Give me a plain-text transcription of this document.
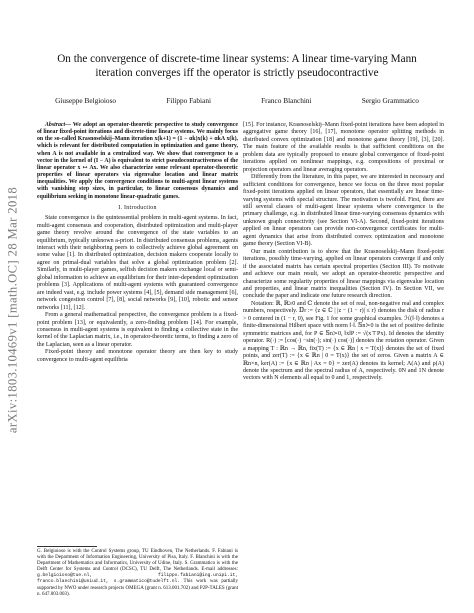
arXiv:1803.10469v1 [math.OC] 28 Mar 2018
On the convergence of discrete-time linear systems: A linear time-varying Mann iteration converges iff the operator is strictly pseudocontractive
Giuseppe Belgioioso	Filippo Fabiani	Franco Blanchini	Sergio Grammatico

Abstract— We adopt an operator-theoretic perspective to study convergence of linear fixed-point iterations and discrete-time linear systems. We mainly focus on the so-called Krasnoselskij–Mann iteration x(k+1) = (1 − αk)x(k) + αkA x(k), which is relevant for distributed computation in optimization and game theory, when A is not available in a centralized way. We show that convergence to a vector in the kernel of (I − A) is equivalent to strict pseudocontractiveness of the linear operator x ↦ Ax. We also characterize some relevant operator-theoretic properties of linear operators via eigenvalue location and linear matrix inequalities. We apply the convergence conditions to multi-agent linear systems with vanishing step sizes, in particular, to linear consensus dynamics and equilibrium seeking in monotone linear-quadratic games.

I. Introduction

State convergence is the quintessential problem in multi-agent systems. In fact, multi-agent consensus and cooperation, distributed optimization and multi-player game theory revolve around the convergence of the state variables to an equilibrium, typically unknown a-priori. In distributed consensus problems, agents interact with their neighboring peers to collectively achieve global agreement on some value [1]. In distributed optimization, decision makers cooperate locally to agree on primal-dual variables that solve a global optimization problem [2]. Similarly, in multi-player games, selfish decision makers exchange local or semi-global information to achieve an equilibrium for their inter-dependent optimization problems [3]. Applications of multi-agent systems with guaranteed convergence are indeed vast, e.g. include power systems [4], [5], demand side management [6], network congestion control [7], [8], social networks [9], [10], robotic and sensor networks [11], [12].

From a general mathematical perspective, the convergence problem is a fixed-point problem [13], or equivalently, a zero-finding problem [14]. For example, consensus in multi-agent systems is equivalent to finding a collective state in the kernel of the Laplacian matrix, i.e., in operator-theoretic terms, to finding a zero of the Laplacian, seen as a linear operator.

Fixed-point theory and monotone operator theory are then key to study convergence to multi-agent equilibria

G. Belgioioso is with the Control Systems group, TU Eindhoven, The Netherlands. F. Fabiani is with the Department of Information Engineering, University of Pisa, Italy. F. Blanchini is with the Department of Mathematics and Informatics, University of Udine, Italy. S. Grammatico is with the Delft Center for Systems and Control (DCSC), TU Delft, The Netherlands. E-mail addresses: g.belgioioso@tue.nl, filippo.fabiani@ing.unipi.it, franco.blanchini@uniud.it, s.grammatico@tudelft.nl. This work was partially supported by NWO under research projects OMEGA (grant n. 613.001.702) and P2P-TALES (grant n. 647.003.003).

[15]. For instance, Krasnoselskij–Mann fixed-point iterations have been adopted in aggregative game theory [16], [17], monotone operator splitting methods in distributed convex optimization [18] and monotone game theory [19], [3], [20]. The main feature of the available results is that sufficient conditions on the problem data are typically proposed to ensure global convergence of fixed-point iterations applied on nonlinear mappings, e.g. compositions of proximal or projection operators and linear averaging operators.

Differently from the literature, in this paper, we are interested in necessary and sufficient conditions for convergence, hence we focus on the three most popular fixed-point iterations applied on linear operators, that essentially are linear time-varying systems with special structure. The motivation is twofold. First, there are still several classes of multi-agent linear systems where convergence is the primary challenge, e.g. in distributed linear time-varying consensus dynamics with unknown graph connectivity (see Section VI-A). Second, fixed-point iterations applied on linear operators can provide non-convergence certificates for multi-agent dynamics that arise from distributed convex optimization and monotone game theory (Section VI-B).

Our main contribution is to show that the Krasnoselskij–Mann fixed-point iterations, possibly time-varying, applied on linear operators converge if and only if the associated matrix has certain spectral properties (Section III). To motivate and achieve our main result, we adopt an operator-theoretic perspective and characterize some regularity properties of linear mappings via eigenvalue location and properties, and linear matrix inequalities (Section IV). In Section VII, we conclude the paper and indicate one future research direction.

Notation: ℝ, ℝ≥0 and ℂ denote the set of real, non-negative real and complex numbers, respectively. 𝔻r := {z ∈ ℂ | |z − (1 − r)| ≤ r} denotes the disk of radius r > 0 centered in (1 − r, 0), see Fig. 1 for some graphical examples. ℋ(‖·‖) denotes a finite-dimensional Hilbert space with norm ‖·‖. 𝕊n≻0 is the set of positive definite symmetric matrices and, for P ∈ 𝕊n≻0, ‖x‖P := √(x⊤Px). Id denotes the identity operator. R(·) := [cos(·) −sin(·); sin(·) cos(·)] denotes the rotation operator. Given a mapping T : ℝn → ℝn, fix(T) := {x ∈ ℝn | x = T(x)} denotes the set of fixed points, and zer(T) := {x ∈ ℝn | 0 = T(x)} the set of zeros. Given a matrix A ∈ ℝn×n, ker(A) := {x ∈ ℝn | Ax = 0} = zer(A) denotes its kernel; Λ(A) and ρ(A) denote the spectrum and the spectral radius of A, respectively. 0N and 1N denote vectors with N elements all equal to 0 and 1, respectively.
